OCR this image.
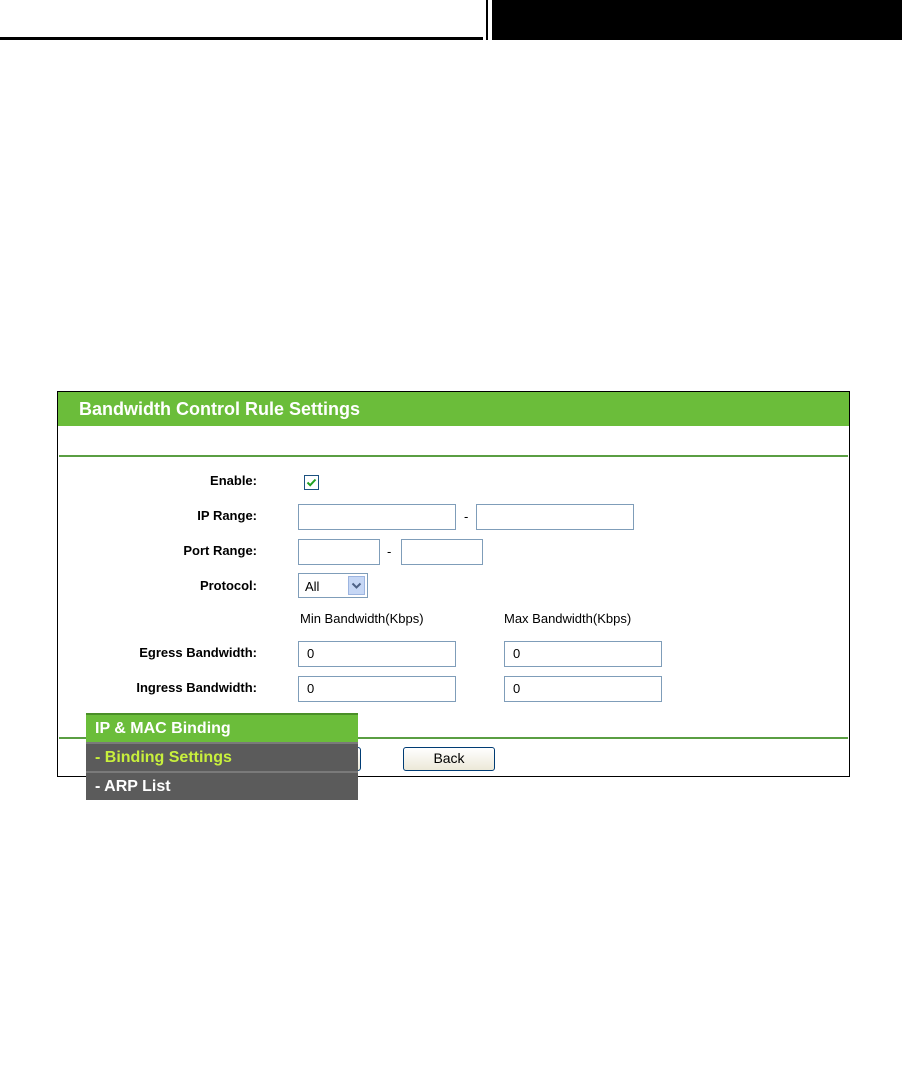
Bandwidth Control Rule Settings
Enable:
IP Range:	-
Port Range:	-
Protocol:	All
Min Bandwidth(Kbps)	Max Bandwidth(Kbps)
Egress Bandwidth:	0	0
Ingress Bandwidth:	0	0
Back
IP & MAC Binding
- Binding Settings
- ARP List
